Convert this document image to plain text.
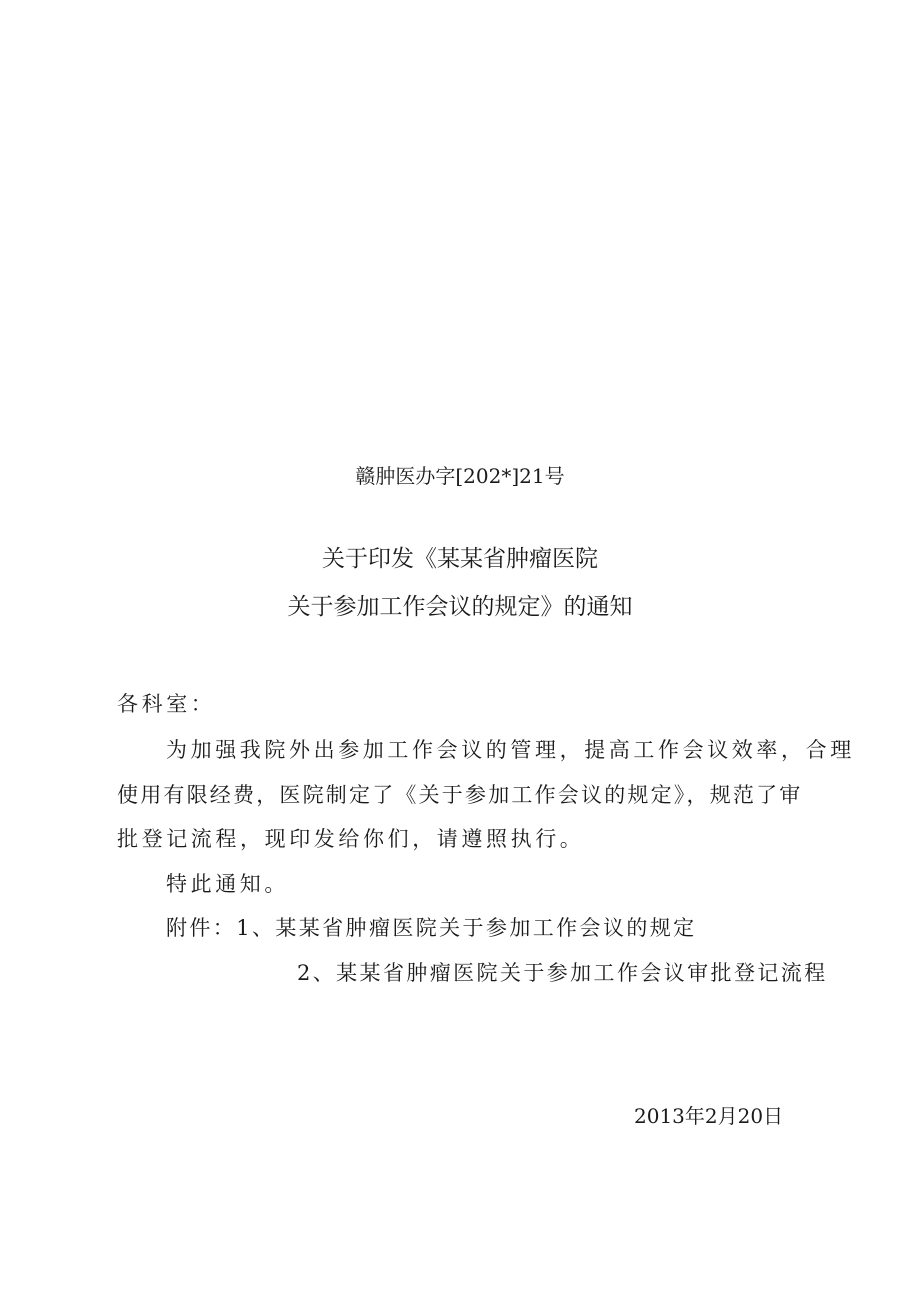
赣肿医办字[202*]21号
关于印发《某某省肿瘤医院
关于参加工作会议的规定》的通知
各科室：
为加强我院外出参加工作会议的管理，提高工作会议效率，合理
使用有限经费，医院制定了《关于参加工作会议的规定》，规范了审
批登记流程，现印发给你们，请遵照执行。
特此通知。
附件：1、某某省肿瘤医院关于参加工作会议的规定
2、某某省肿瘤医院关于参加工作会议审批登记流程
2013年2月20日
